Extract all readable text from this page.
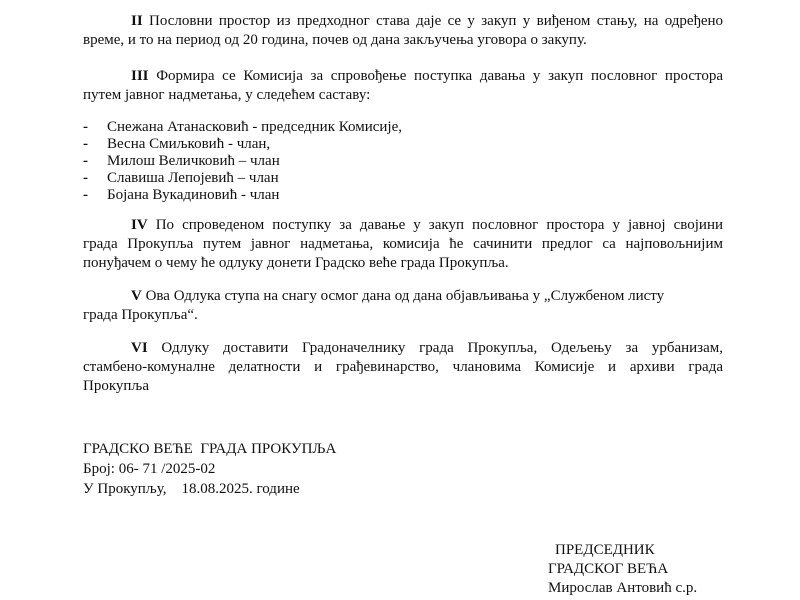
II Пословни простор из предходног става даје се у закуп у виђеном стању, на одређено
време, и то на период од 20 година, почев од дана закључења уговора о закупу.
III Формира се Комисија за спровођење поступка давања у закуп пословног простора
путем јавног надметања, у следећем саставу:
- Снежана Атанасковић - председник Комисије,
- Весна Смиљковић - члан,
- Милош Величковић – члан
- Славиша Лепојевић – члан
- Бојана Вукадиновић - члан
IV По спроведеном поступку за давање у закуп пословног простора у јавној својини
града Прокупља путем јавног надметања, комисија ће сачинити предлог са најповољнијим
понуђачем о чему ће одлуку донети Градско веће града Прокупља.
V Ова Одлука ступа на снагу осмог дана од дана објављивања у „Службеном листу
града Прокупља“.
VI Одлуку доставити Градоначелнику града Прокупља, Одељењу за урбанизам,
стамбено-комуналне делатности и грађевинарство, члановима Комисије и архиви града
Прокупља
ГРАДСКО ВЕЋЕ  ГРАДА ПРОКУПЉА
Број: 06- 71 /2025-02
У Прокупљу,    18.08.2025. године
ПРЕДСЕДНИК
ГРАДСКОГ ВЕЋА
Мирослав Антовић с.р.
